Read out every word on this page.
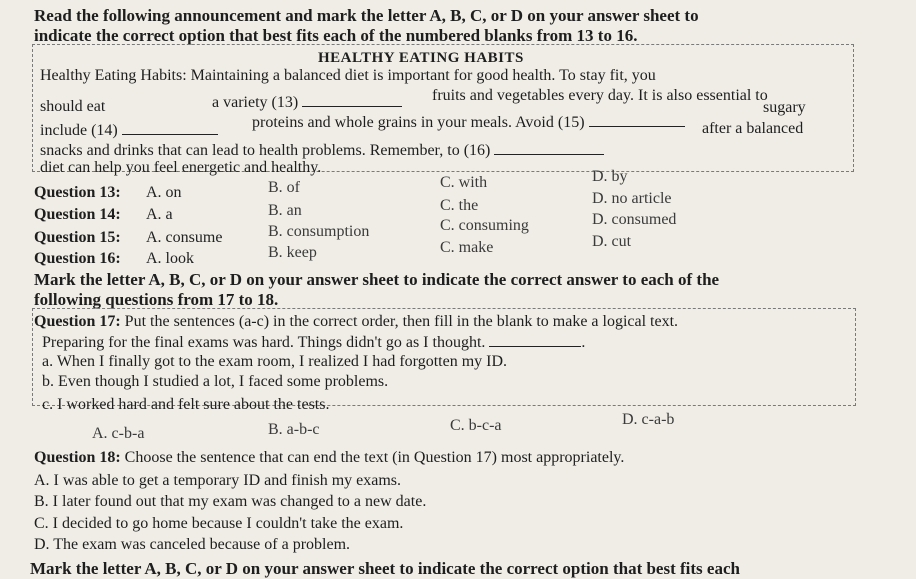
Read the following announcement and mark the letter A, B, C, or D on your answer sheet to
indicate the correct option that best fits each of the numbered blanks from 13 to 16.
HEALTHY EATING HABITS
Healthy Eating Habits: Maintaining a balanced diet is important for good health. To stay fit, you
should eat	a variety (13)	fruits and vegetables every day. It is also essential to
include (14)	proteins and whole grains in your meals. Avoid (15)
sugary
snacks and drinks that can lead to health problems. Remember, to (16)
after a balanced
diet can help you feel energetic and healthy.
Question 13: A. on	B. of	C. with	D. by
Question 14: A. a	B. an	C. the	D. no article
Question 15: A. consume	B. consumption	C. consuming	D. consumed
Question 16: A. look	B. keep	C. make	D. cut
Mark the letter A, B, C, or D on your answer sheet to indicate the correct answer to each of the
following questions from 17 to 18.
Question 17: Put the sentences (a-c) in the correct order, then fill in the blank to make a logical text.
Preparing for the final exams was hard. Things didn't go as I thought.	.
a. When I finally got to the exam room, I realized I had forgotten my ID.
b. Even though I studied a lot, I faced some problems.
c. I worked hard and felt sure about the tests.
A. c-b-a	B. a-b-c	C. b-c-a	D. c-a-b
Question 18: Choose the sentence that can end the text (in Question 17) most appropriately.
A. I was able to get a temporary ID and finish my exams.
B. I later found out that my exam was changed to a new date.
C. I decided to go home because I couldn't take the exam.
D. The exam was canceled because of a problem.
Mark the letter A, B, C, or D on your answer sheet to indicate the correct option that best fits each
